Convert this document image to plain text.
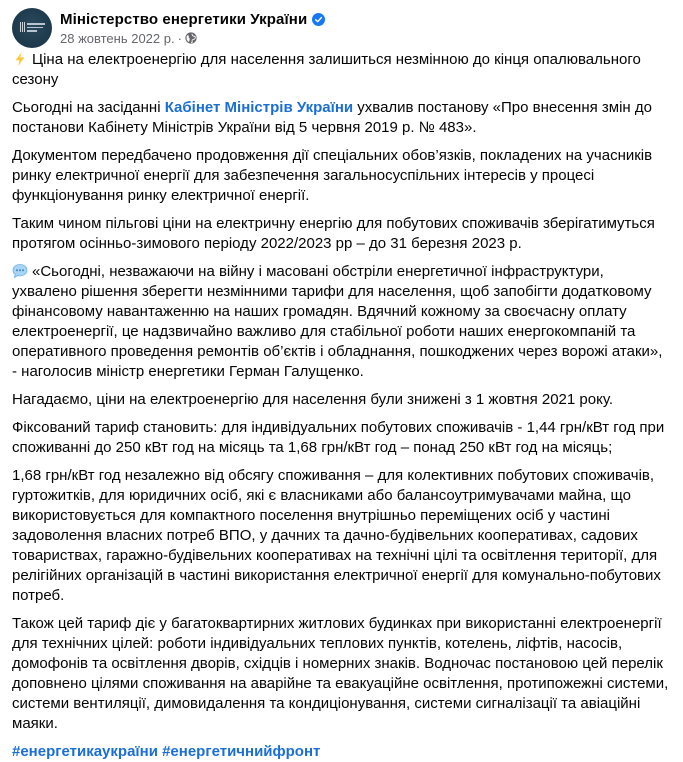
Міністерство енергетики України
28 жовтень 2022 р. ·

Ціна на електроенергію для населення залишиться незмінною до кінця опалювального сезону

Сьогодні на засіданні Кабінет Міністрів України ухвалив постанову «Про внесення змін до постанови Кабінету Міністрів України від 5 червня 2019 р. № 483».

Документом передбачено продовження дії спеціальних обов’язків, покладених на учасників ринку електричної енергії для забезпечення загальносуспільних інтересів у процесі функціонування ринку електричної енергії.

Таким чином пільгові ціни на електричну енергію для побутових споживачів зберігатимуться протягом осінньо-зимового періоду 2022/2023 рр – до 31 березня 2023 р.

«Сьогодні, незважаючи на війну і масовані обстріли енергетичної інфраструктури, ухвалено рішення зберегти незмінними тарифи для населення, щоб запобігти додатковому фінансовому навантаженню на наших громадян. Вдячний кожному за своєчасну оплату електроенергії, це надзвичайно важливо для стабільної роботи наших енергокомпаній та оперативного проведення ремонтів об’єктів і обладнання, пошкоджених через ворожі атаки», - наголосив міністр енергетики Герман Галущенко.

Нагадаємо, ціни на електроенергію для населення були знижені з 1 жовтня 2021 року.

Фіксований тариф становить: для індивідуальних побутових споживачів - 1,44 грн/кВт год при споживанні до 250 кВт год на місяць та 1,68 грн/кВт год – понад 250 кВт год на місяць;

1,68 грн/кВт год незалежно від обсягу споживання – для колективних побутових споживачів, гуртожитків, для юридичних осіб, які є власниками або балансоутримувачами майна, що використовується для компактного поселення внутрішньо переміщених осіб у частині задоволення власних потреб ВПО, у дачних та дачно-будівельних кооперативах, садових товариствах, гаражно-будівельних кооперативах на технічні цілі та освітлення території, для релігійних організацій в частині використання електричної енергії для комунально-побутових потреб.

Також цей тариф діє у багатоквартирних житлових будинках при використанні електроенергії для технічних цілей: роботи індивідуальних теплових пунктів, котелень, ліфтів, насосів, домофонів та освітлення дворів, східців і номерних знаків. Водночас постановою цей перелік доповнено цілями споживання на аварійне та евакуаційне освітлення, протипожежні системи, системи вентиляції, димовидалення та кондиціонування, системи сигналізації та авіаційні маяки.

#енергетикаукраїни #енергетичнийфронт
